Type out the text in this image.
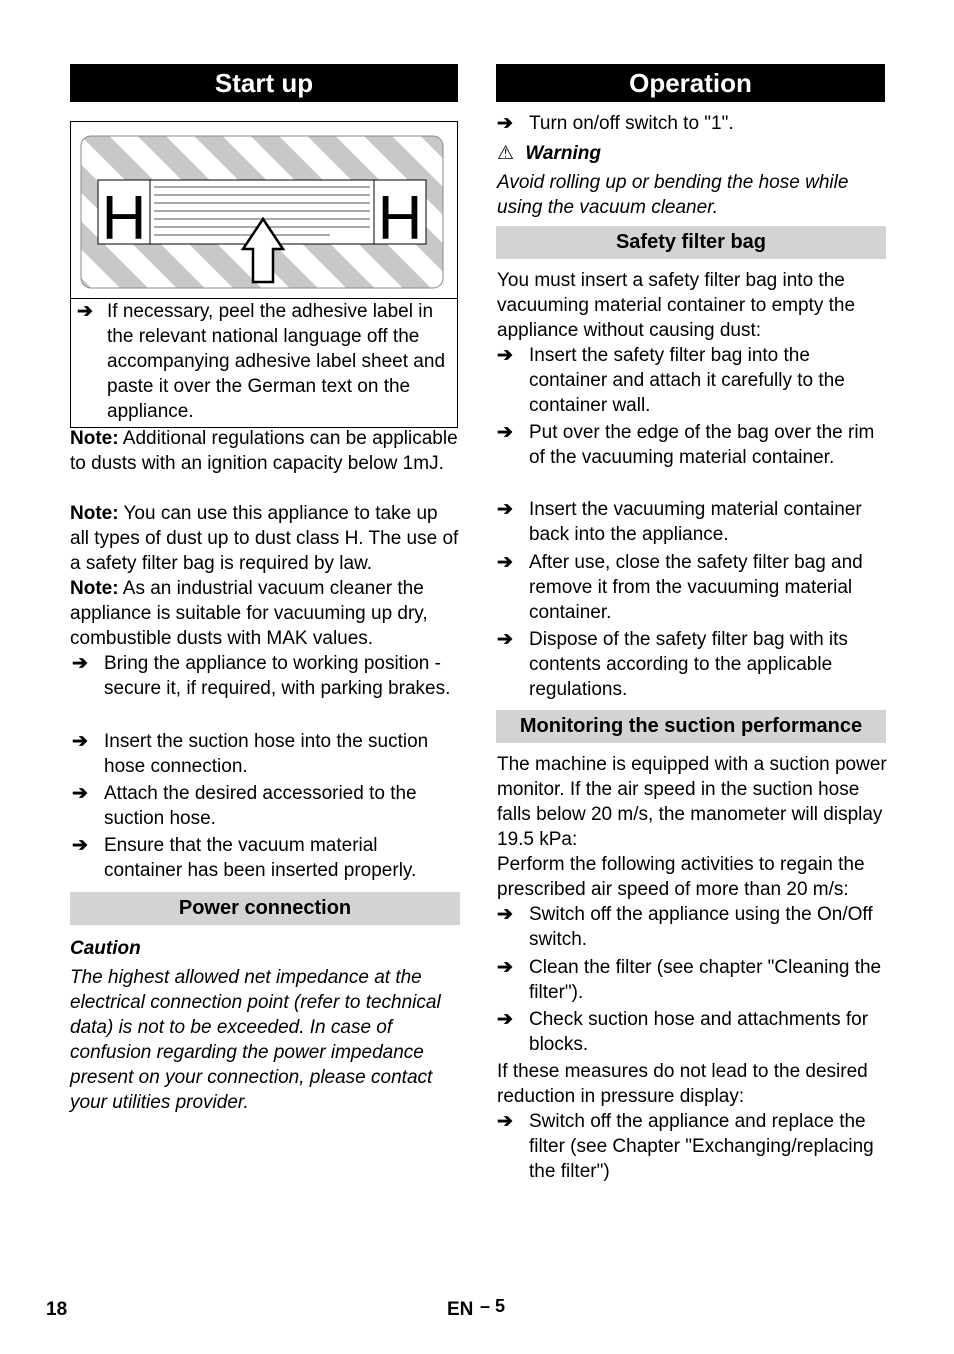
Start up
H	H
➔ If necessary, peel the adhesive label in the relevant national language off the accompanying adhesive label sheet and paste it over the German text on the appliance.
Note: Additional regulations can be applicable to dusts with an ignition capacity below 1mJ.
Note: You can use this appliance to take up all types of dust up to dust class H. The use of a safety filter bag is required by law.
Note: As an industrial vacuum cleaner the appliance is suitable for vacuuming up dry, combustible dusts with MAK values.
➔ Bring the appliance to working position - secure it, if required, with parking brakes.
➔ Insert the suction hose into the suction hose connection.
➔ Attach the desired accessoried to the suction hose.
➔ Ensure that the vacuum material container has been inserted properly.
Power connection
Caution
The highest allowed net impedance at the electrical connection point (refer to technical data) is not to be exceeded. In case of confusion regarding the power impedance present on your connection, please contact your utilities provider.
Operation
➔ Turn on/off switch to "1".
⚠ Warning
Avoid rolling up or bending the hose while using the vacuum cleaner.
Safety filter bag
You must insert a safety filter bag into the vacuuming material container to empty the appliance without causing dust:
➔ Insert the safety filter bag into the container and attach it carefully to the container wall.
➔ Put over the edge of the bag over the rim of the vacuuming material container.
➔ Insert the vacuuming material container back into the appliance.
➔ After use, close the safety filter bag and remove it from the vacuuming material container.
➔ Dispose of the safety filter bag with its contents according to the applicable regulations.
Monitoring the suction performance
The machine is equipped with a suction power monitor. If the air speed in the suction hose falls below 20 m/s, the manometer will display 19.5 kPa:
Perform the following activities to regain the prescribed air speed of more than 20 m/s:
➔ Switch off the appliance using the On/Off switch.
➔ Clean the filter (see chapter "Cleaning the filter").
➔ Check suction hose and attachments for blocks.
If these measures do not lead to the desired reduction in pressure display:
➔ Switch off the appliance and replace the filter (see Chapter "Exchanging/replacing the filter")
18	EN – 5
